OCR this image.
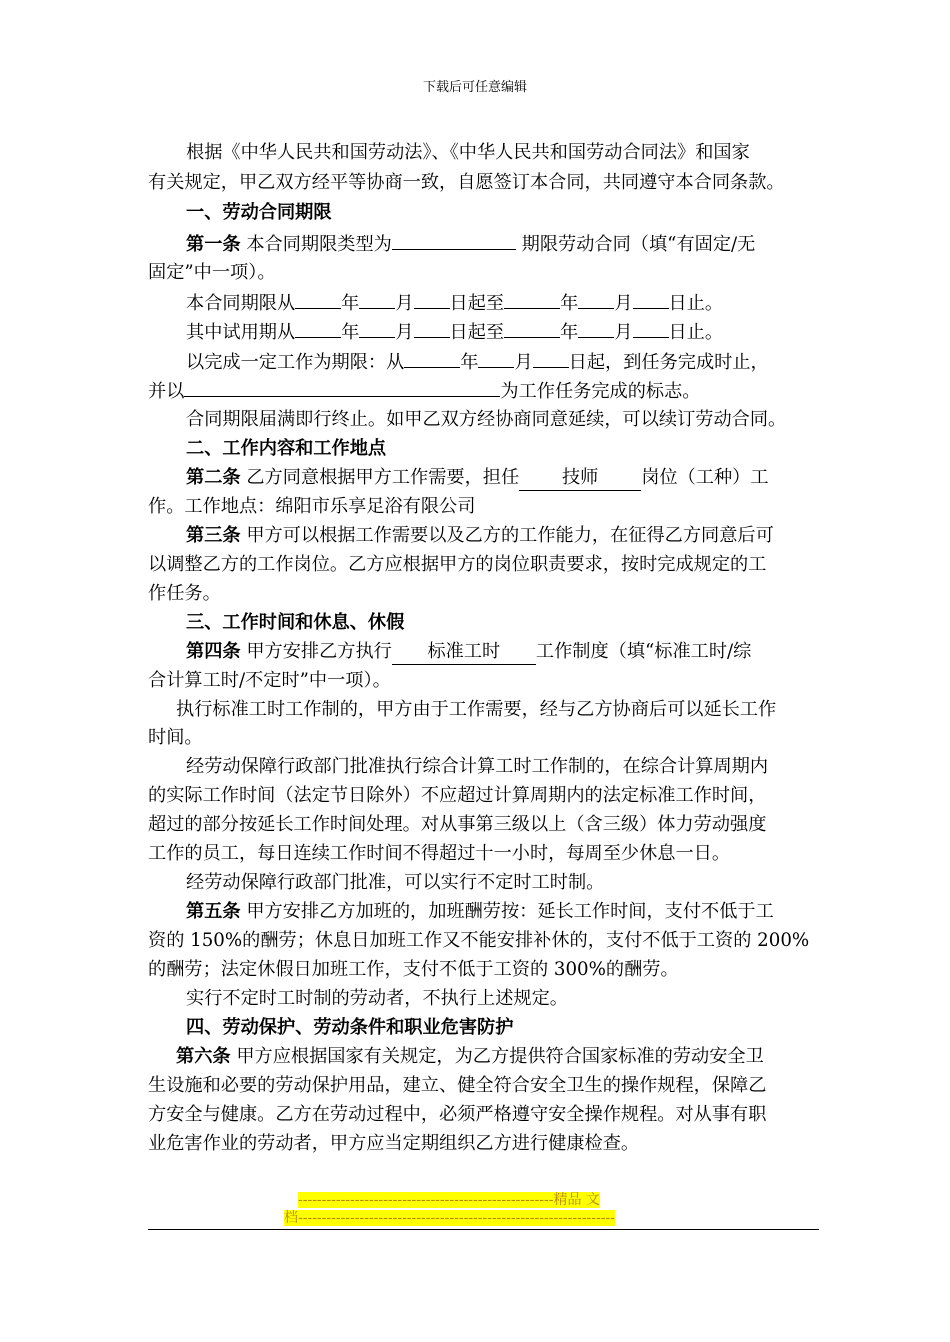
下载后可任意编辑
根据《中华人民共和国劳动法》、《中华人民共和国劳动合同法》和国家
有关规定，甲乙双方经平等协商一致，自愿签订本合同，共同遵守本合同条款。
一、劳动合同期限
第一条 本合同期限类型为	期限劳动合同（填“有固定/无
固定”中一项）。
本合同期限从	年 月 日起至	年 月 日止。
其中试用期从	年 月 日起至	年 月 日止。
以完成一定工作为期限：从	年 月 日起，到任务完成时止，
并以	为工作任务完成的标志。
合同期限届满即行终止。如甲乙双方经协商同意延续，可以续订劳动合同。
二、工作内容和工作地点
第二条 乙方同意根据甲方工作需要，担任 技师 岗位（工种）工
作。工作地点：绵阳市乐享足浴有限公司
第三条 甲方可以根据工作需要以及乙方的工作能力，在征得乙方同意后可
以调整乙方的工作岗位。乙方应根据甲方的岗位职责要求，按时完成规定的工
作任务。
三、工作时间和休息、休假
第四条 甲方安排乙方执行 标准工时 工作制度（填“标准工时/综
合计算工时/不定时”中一项）。
执行标准工时工作制的，甲方由于工作需要，经与乙方协商后可以延长工作
时间。
经劳动保障行政部门批准执行综合计算工时工作制的，在综合计算周期内
的实际工作时间（法定节日除外）不应超过计算周期内的法定标准工作时间，
超过的部分按延长工作时间处理。对从事第三级以上（含三级）体力劳动强度
工作的员工，每日连续工作时间不得超过十一小时，每周至少休息一日。
经劳动保障行政部门批准，可以实行不定时工时制。
第五条 甲方安排乙方加班的，加班酬劳按：延长工作时间，支付不低于工
资的 150%的酬劳；休息日加班工作又不能安排补休的，支付不低于工资的 200%
的酬劳；法定休假日加班工作，支付不低于工资的 300%的酬劳。
实行不定时工时制的劳动者，不执行上述规定。
四、劳动保护、劳动条件和职业危害防护
第六条 甲方应根据国家有关规定，为乙方提供符合国家标准的劳动安全卫
生设施和必要的劳动保护用品，建立、健全符合安全卫生的操作规程，保障乙
方安全与健康。乙方在劳动过程中，必须严格遵守安全操作规程。对从事有职
业危害作业的劳动者，甲方应当定期组织乙方进行健康检查。
------------------------------------------------------精品 文
档-------------------------------------------------------------------
